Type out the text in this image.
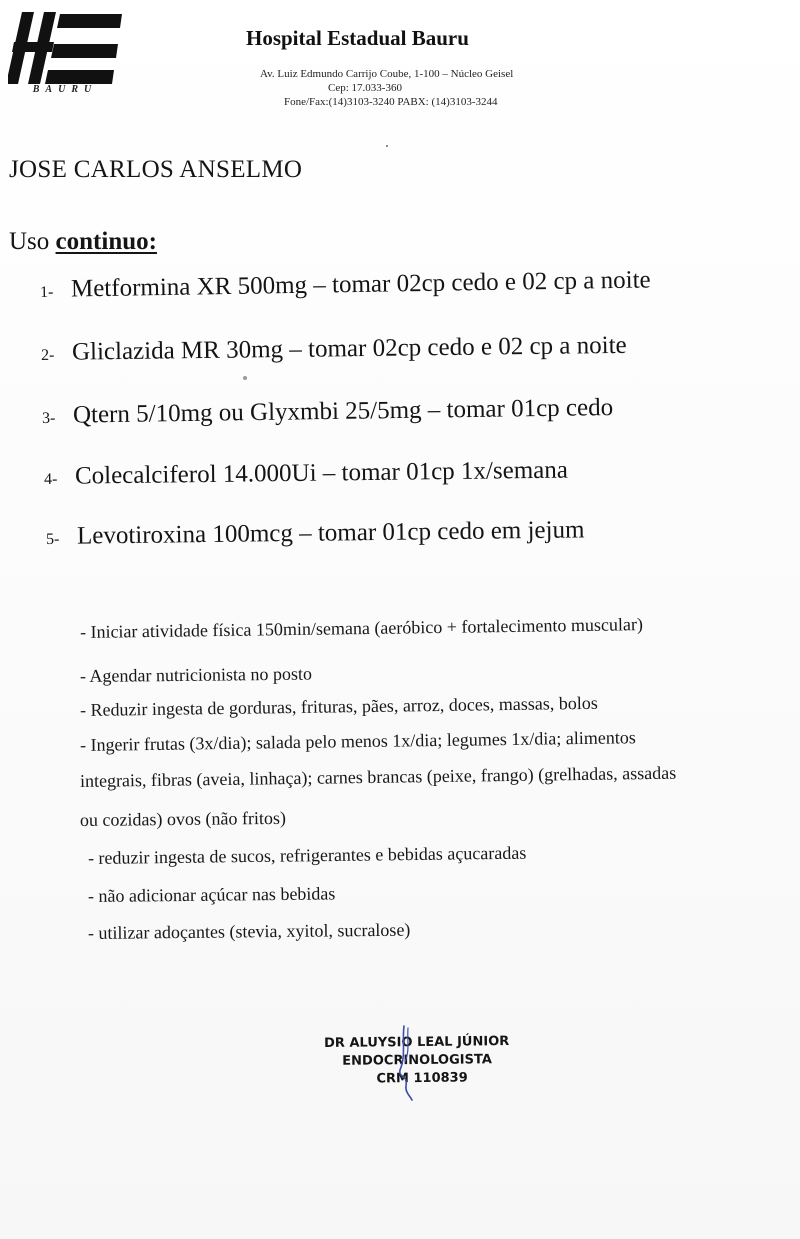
BAURU
Hospital Estadual Bauru
Av. Luiz Edmundo Carrijo Coube, 1-100 – Núcleo Geisel
Cep: 17.033-360
Fone/Fax:(14)3103-3240 PABX: (14)3103-3244
JOSE CARLOS ANSELMO
Uso continuo:
1- Metformina XR 500mg – tomar 02cp cedo e 02 cp a noite
2- Gliclazida MR 30mg – tomar 02cp cedo e 02 cp a noite
3- Qtern 5/10mg ou Glyxmbi 25/5mg – tomar 01cp cedo
4- Colecalciferol 14.000Ui – tomar 01cp 1x/semana
5- Levotiroxina 100mcg – tomar 01cp cedo em jejum
- Iniciar atividade física 150min/semana (aeróbico + fortalecimento muscular)
- Agendar nutricionista no posto
- Reduzir ingesta de gorduras, frituras, pães, arroz, doces, massas, bolos
- Ingerir frutas (3x/dia); salada pelo menos 1x/dia; legumes 1x/dia; alimentos
integrais, fibras (aveia, linhaça); carnes brancas (peixe, frango) (grelhadas, assadas
ou cozidas) ovos (não fritos)
- reduzir ingesta de sucos, refrigerantes e bebidas açucaradas
- não adicionar açúcar nas bebidas
- utilizar adoçantes (stevia, xyitol, sucralose)
DR ALUYSIO LEAL JÚNIOR
ENDOCRINOLOGISTA
CRM 110839
